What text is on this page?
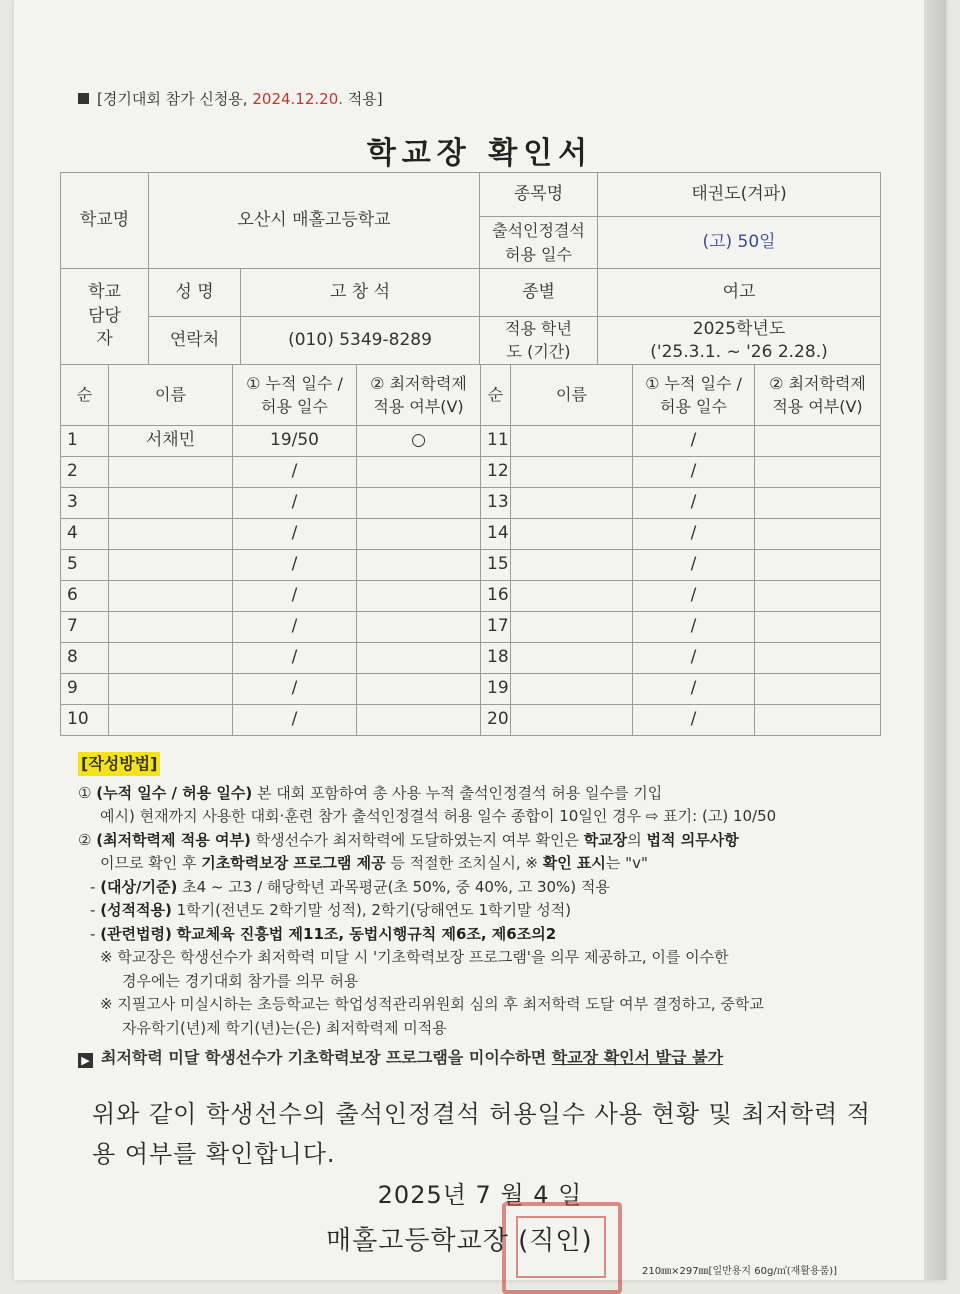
[경기대회 참가 신청용, 2024.12.20. 적용]
학교장 확인서
학교명	오산시 매홀고등학교		종목명	태권도(겨파)
			출석인정결석 허용 일수	(고) 50일
학교 담당자	성 명	고 창 석	종별	여고
	연락처	(010) 5349-8289	적용 학년도 (기간)	2025학년도
('25.3.1. ~ '26 2.28.)
순	이름	① 누적 일수 / 허용 일수	② 최저학력제 적용 여부(V)	순	이름	① 누적 일수 / 허용 일수	② 최저학력제 적용 여부(V)
1	서채민	19/50	○	11		/	
2		/		12		/	
3		/		13		/	
4		/		14		/	
5		/		15		/	
6		/		16		/	
7		/		17		/	
8		/		18		/	
9		/		19		/	
10		/		20		/	
[작성방법]
① (누적 일수 / 허용 일수) 본 대회 포함하여 총 사용 누적 출석인정결석 허용 일수를 기입
예시) 현재까지 사용한 대회·훈련 참가 출석인정결석 허용 일수 종합이 10일인 경우 ⇨ 표기: (고) 10/50
② (최저학력제 적용 여부) 학생선수가 최저학력에 도달하였는지 여부 확인은 학교장의 법적 의무사항
이므로 확인 후 기초학력보장 프로그램 제공 등 적절한 조치실시, ※ 확인 표시는 "v"
- (대상/기준) 초4 ~ 고3 / 해당학년 과목평균(초 50%, 중 40%, 고 30%) 적용
- (성적적용) 1학기(전년도 2학기말 성적), 2학기(당해연도 1학기말 성적)
- (관련법령) 학교체육 진흥법 제11조, 동법시행규칙 제6조, 제6조의2
※ 학교장은 학생선수가 최저학력 미달 시 '기초학력보장 프로그램'을 의무 제공하고, 이를 이수한
경우에는 경기대회 참가를 의무 허용
※ 지필고사 미실시하는 초등학교는 학업성적관리위원회 심의 후 최저학력 도달 여부 결정하고, 중학교
자유학기(년)제 학기(년)는(은) 최저학력제 미적용
▶ 최저학력 미달 학생선수가 기초학력보장 프로그램을 미이수하면 학교장 확인서 발급 불가
위와 같이 학생선수의 출석인정결석 허용일수 사용 현황 및 최저학력 적용 여부를 확인합니다.
2025년 7 월 4 일
매홀고등학교장 (직인)
210㎜×297㎜[일반용지 60g/㎡(재활용품)]
